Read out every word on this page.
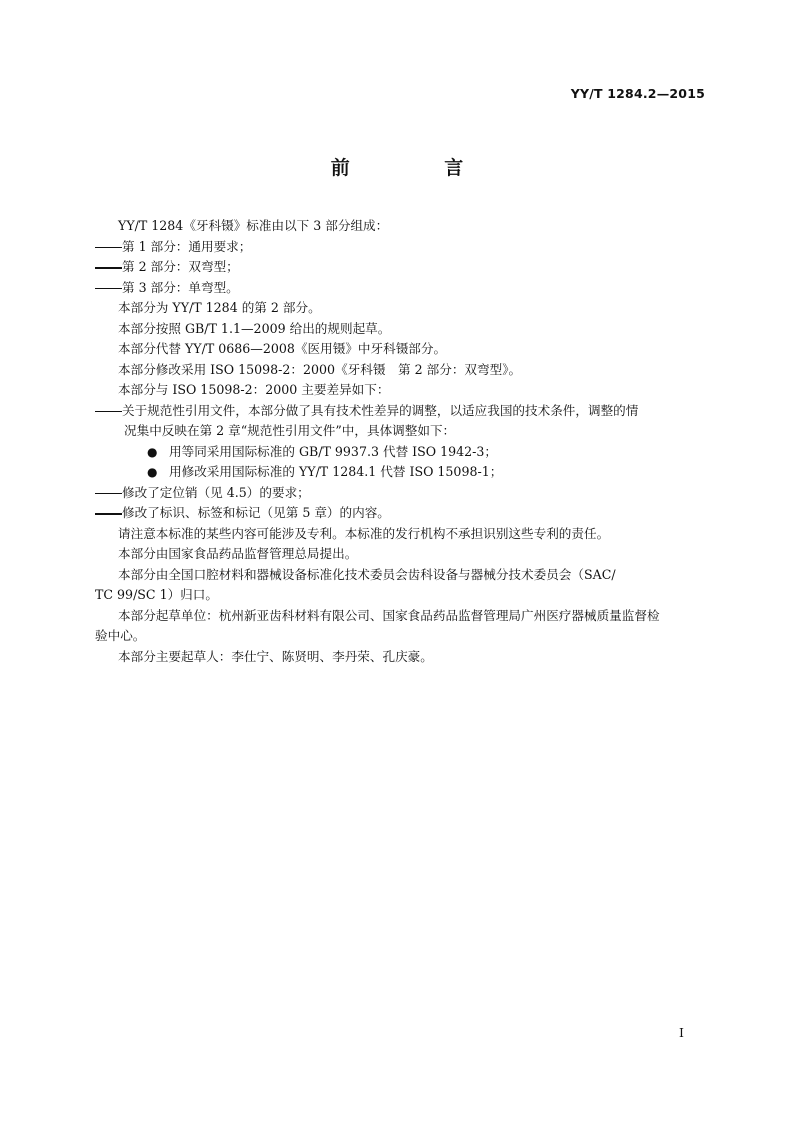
YY/T 1284.2—2015
前 言
YY/T 1284《牙科镊》标准由以下 3 部分组成：
第 1 部分：通用要求；
第 2 部分：双弯型；
第 3 部分：单弯型。
本部分为 YY/T 1284 的第 2 部分。
本部分按照 GB/T 1.1—2009 给出的规则起草。
本部分代替 YY/T 0686—2008《医用镊》中牙科镊部分。
本部分修改采用 ISO 15098-2：2000《牙科镊　第 2 部分：双弯型》。
本部分与 ISO 15098-2：2000 主要差异如下：
关于规范性引用文件，本部分做了具有技术性差异的调整，以适应我国的技术条件，调整的情
况集中反映在第 2 章“规范性引用文件”中，具体调整如下：
● 用等同采用国际标准的 GB/T 9937.3 代替 ISO 1942-3；
● 用修改采用国际标准的 YY/T 1284.1 代替 ISO 15098-1；
修改了定位销（见 4.5）的要求；
修改了标识、标签和标记（见第 5 章）的内容。
请注意本标准的某些内容可能涉及专利。本标准的发行机构不承担识别这些专利的责任。
本部分由国家食品药品监督管理总局提出。
本部分由全国口腔材料和器械设备标准化技术委员会齿科设备与器械分技术委员会（SAC/
TC 99/SC 1）归口。
本部分起草单位：杭州新亚齿科材料有限公司、国家食品药品监督管理局广州医疗器械质量监督检
验中心。
本部分主要起草人：李仕宁、陈贤明、李丹荣、孔庆豪。
I
